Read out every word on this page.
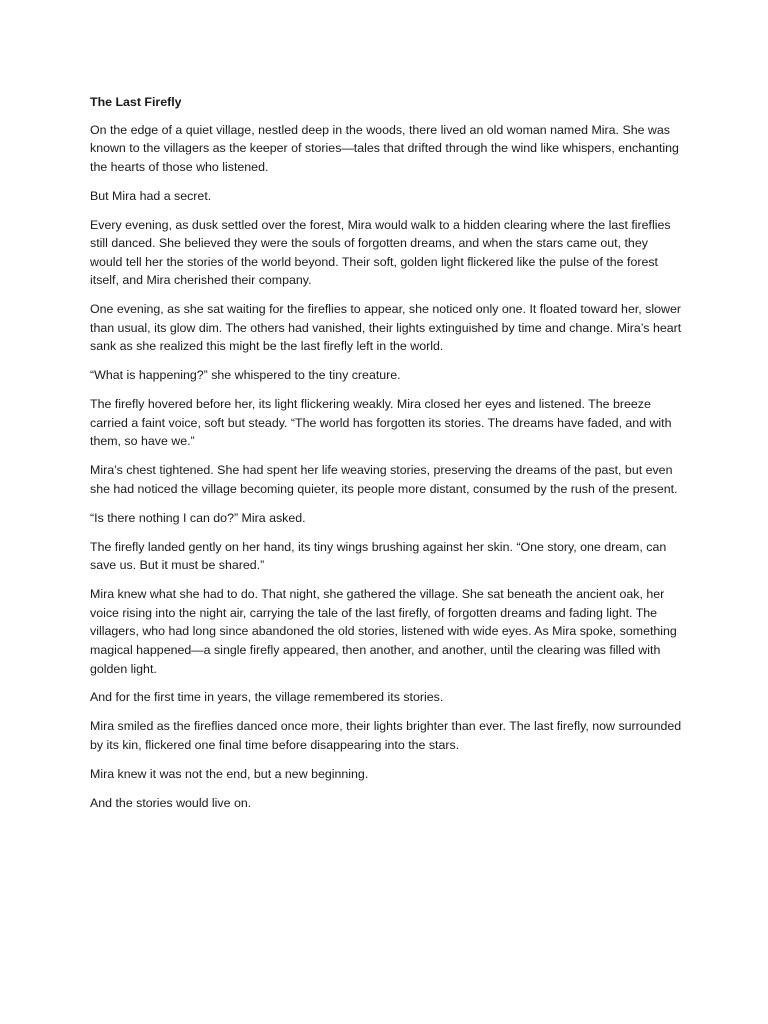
The Last Firefly

On the edge of a quiet village, nestled deep in the woods, there lived an old woman named Mira. She was known to the villagers as the keeper of stories—tales that drifted through the wind like whispers, enchanting the hearts of those who listened.

But Mira had a secret.

Every evening, as dusk settled over the forest, Mira would walk to a hidden clearing where the last fireflies still danced. She believed they were the souls of forgotten dreams, and when the stars came out, they would tell her the stories of the world beyond. Their soft, golden light flickered like the pulse of the forest itself, and Mira cherished their company.

One evening, as she sat waiting for the fireflies to appear, she noticed only one. It floated toward her, slower than usual, its glow dim. The others had vanished, their lights extinguished by time and change. Mira’s heart sank as she realized this might be the last firefly left in the world.

“What is happening?” she whispered to the tiny creature.

The firefly hovered before her, its light flickering weakly. Mira closed her eyes and listened. The breeze carried a faint voice, soft but steady. “The world has forgotten its stories. The dreams have faded, and with them, so have we.”

Mira’s chest tightened. She had spent her life weaving stories, preserving the dreams of the past, but even she had noticed the village becoming quieter, its people more distant, consumed by the rush of the present.

“Is there nothing I can do?” Mira asked.

The firefly landed gently on her hand, its tiny wings brushing against her skin. “One story, one dream, can save us. But it must be shared.”

Mira knew what she had to do. That night, she gathered the village. She sat beneath the ancient oak, her voice rising into the night air, carrying the tale of the last firefly, of forgotten dreams and fading light. The villagers, who had long since abandoned the old stories, listened with wide eyes. As Mira spoke, something magical happened—a single firefly appeared, then another, and another, until the clearing was filled with golden light.

And for the first time in years, the village remembered its stories.

Mira smiled as the fireflies danced once more, their lights brighter than ever. The last firefly, now surrounded by its kin, flickered one final time before disappearing into the stars.

Mira knew it was not the end, but a new beginning.

And the stories would live on.
